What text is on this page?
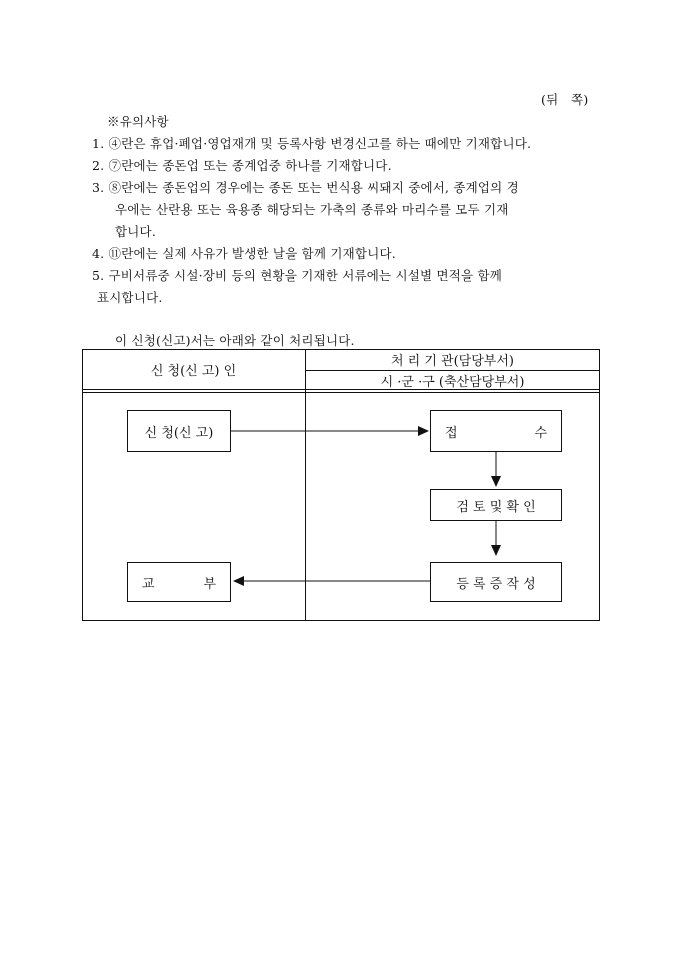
(뒤　쪽)
※유의사항
1. ④란은 휴업·폐업·영업재개 및 등록사항 변경신고를 하는 때에만 기재합니다.
2. ⑦란에는 종돈업 또는 종계업중 하나를 기재합니다.
3. ⑧란에는 종돈업의 경우에는 종돈 또는 번식용 씨돼지 중에서, 종계업의 경
우에는 산란용 또는 육용종 해당되는 가축의 종류와 마리수를 모두 기재
합니다.
4. ⑪란에는 실제 사유가 발생한 날을 함께 기재합니다.
5. 구비서류중 시설·장비 등의 현황을 기재한 서류에는 시설별 면적을 함께
표시합니다.
이 신청(신고)서는 아래와 같이 처리됩니다.
신 청(신 고) 인
처 리 기 관(담당부서)
시 ·군 ·구 (축산담당부서)
신 청(신 고)	접	수
검 토 및 확 인
등 록 증 작 성
교	부
